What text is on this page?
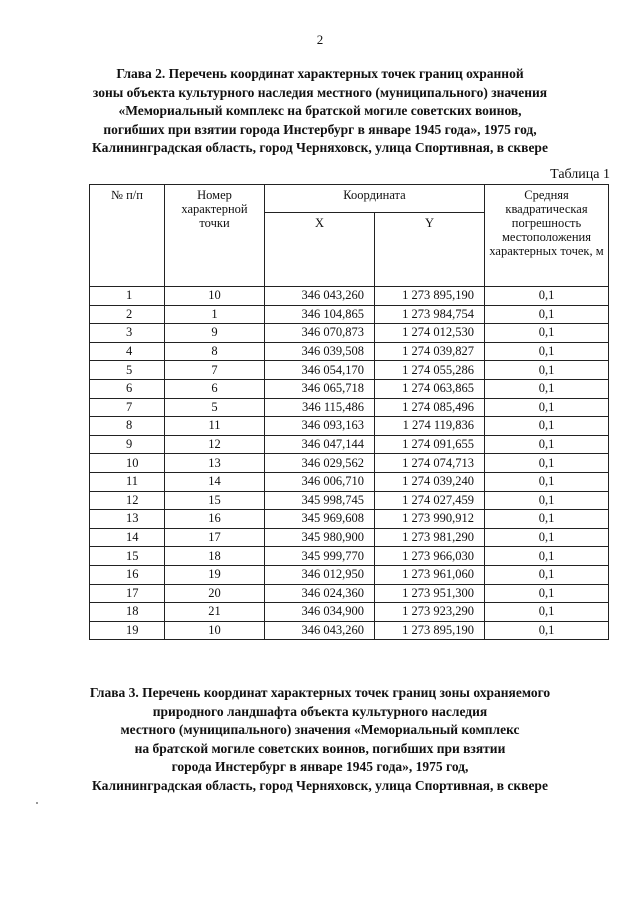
2
Глава 2. Перечень координат характерных точек границ охранной
зоны объекта культурного наследия местного (муниципального) значения
«Мемориальный комплекс на братской могиле советских воинов,
погибших при взятии города Инстербург в январе 1945 года», 1975 год,
Калининградская область, город Черняховск, улица Спортивная, в сквере
Таблица 1
№ п/п	Номер характерной точки	Координата		Средняя квадратическая погрешность местоположения характерных точек, м

		X	Y	

1	10	346 043,260	1 273 895,190	0,1
2	1	346 104,865	1 273 984,754	0,1
3	9	346 070,873	1 274 012,530	0,1
4	8	346 039,508	1 274 039,827	0,1
5	7	346 054,170	1 274 055,286	0,1
6	6	346 065,718	1 274 063,865	0,1
7	5	346 115,486	1 274 085,496	0,1
8	11	346 093,163	1 274 119,836	0,1
9	12	346 047,144	1 274 091,655	0,1
10	13	346 029,562	1 274 074,713	0,1
11	14	346 006,710	1 274 039,240	0,1
12	15	345 998,745	1 274 027,459	0,1
13	16	345 969,608	1 273 990,912	0,1
14	17	345 980,900	1 273 981,290	0,1
15	18	345 999,770	1 273 966,030	0,1
16	19	346 012,950	1 273 961,060	0,1
17	20	346 024,360	1 273 951,300	0,1
18	21	346 034,900	1 273 923,290	0,1
19	10	346 043,260	1 273 895,190	0,1
Глава 3. Перечень координат характерных точек границ зоны охраняемого
природного ландшафта объекта культурного наследия
местного (муниципального) значения «Мемориальный комплекс
на братской могиле советских воинов, погибших при взятии
города Инстербург в январе 1945 года», 1975 год,
Калининградская область, город Черняховск, улица Спортивная, в сквере
